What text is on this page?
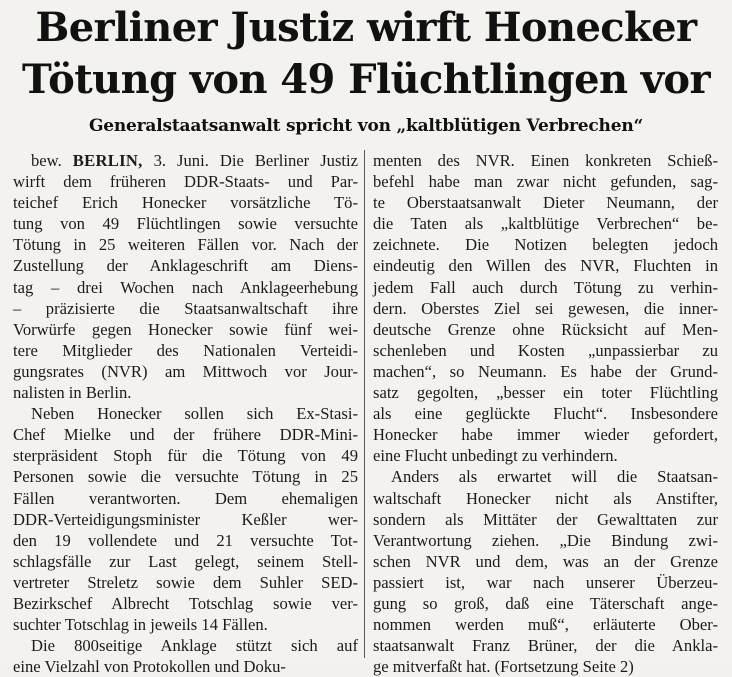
Berliner Justiz wirft Honecker
Tötung von 49 Flüchtlingen vor
Generalstaatsanwalt spricht von „kaltblütigen Verbrechen“
bew. BERLIN, 3. Juni. Die Berliner Justiz
wirft dem früheren DDR-Staats- und Par-
teichef Erich Honecker vorsätzliche Tö-
tung von 49 Flüchtlingen sowie versuchte
Tötung in 25 weiteren Fällen vor. Nach der
Zustellung der Anklageschrift am Diens-
tag – drei Wochen nach Anklageerhebung
– präzisierte die Staatsanwaltschaft ihre
Vorwürfe gegen Honecker sowie fünf wei-
tere Mitglieder des Nationalen Verteidi-
gungsrates (NVR) am Mittwoch vor Jour-
nalisten in Berlin.
Neben Honecker sollen sich Ex-Stasi-
Chef Mielke und der frühere DDR-Mini-
sterpräsident Stoph für die Tötung von 49
Personen sowie die versuchte Tötung in 25
Fällen verantworten. Dem ehemaligen
DDR-Verteidigungsminister Keßler wer-
den 19 vollendete und 21 versuchte Tot-
schlagsfälle zur Last gelegt, seinem Stell-
vertreter Streletz sowie dem Suhler SED-
Bezirkschef Albrecht Totschlag sowie ver-
suchter Totschlag in jeweils 14 Fällen.
Die 800seitige Anklage stützt sich auf
eine Vielzahl von Protokollen und Doku-
menten des NVR. Einen konkreten Schieß-
befehl habe man zwar nicht gefunden, sag-
te Oberstaatsanwalt Dieter Neumann, der
die Taten als „kaltblütige Verbrechen“ be-
zeichnete. Die Notizen belegten jedoch
eindeutig den Willen des NVR, Fluchten in
jedem Fall auch durch Tötung zu verhin-
dern. Oberstes Ziel sei gewesen, die inner-
deutsche Grenze ohne Rücksicht auf Men-
schenleben und Kosten „unpassierbar zu
machen“, so Neumann. Es habe der Grund-
satz gegolten, „besser ein toter Flüchtling
als eine geglückte Flucht“. Insbesondere
Honecker habe immer wieder gefordert,
eine Flucht unbedingt zu verhindern.
Anders als erwartet will die Staatsan-
waltschaft Honecker nicht als Anstifter,
sondern als Mittäter der Gewalttaten zur
Verantwortung ziehen. „Die Bindung zwi-
schen NVR und dem, was an der Grenze
passiert ist, war nach unserer Überzeu-
gung so groß, daß eine Täterschaft ange-
nommen werden muß“, erläuterte Ober-
staatsanwalt Franz Brüner, der die Ankla-
ge mitverfaßt hat. (Fortsetzung Seite 2)
